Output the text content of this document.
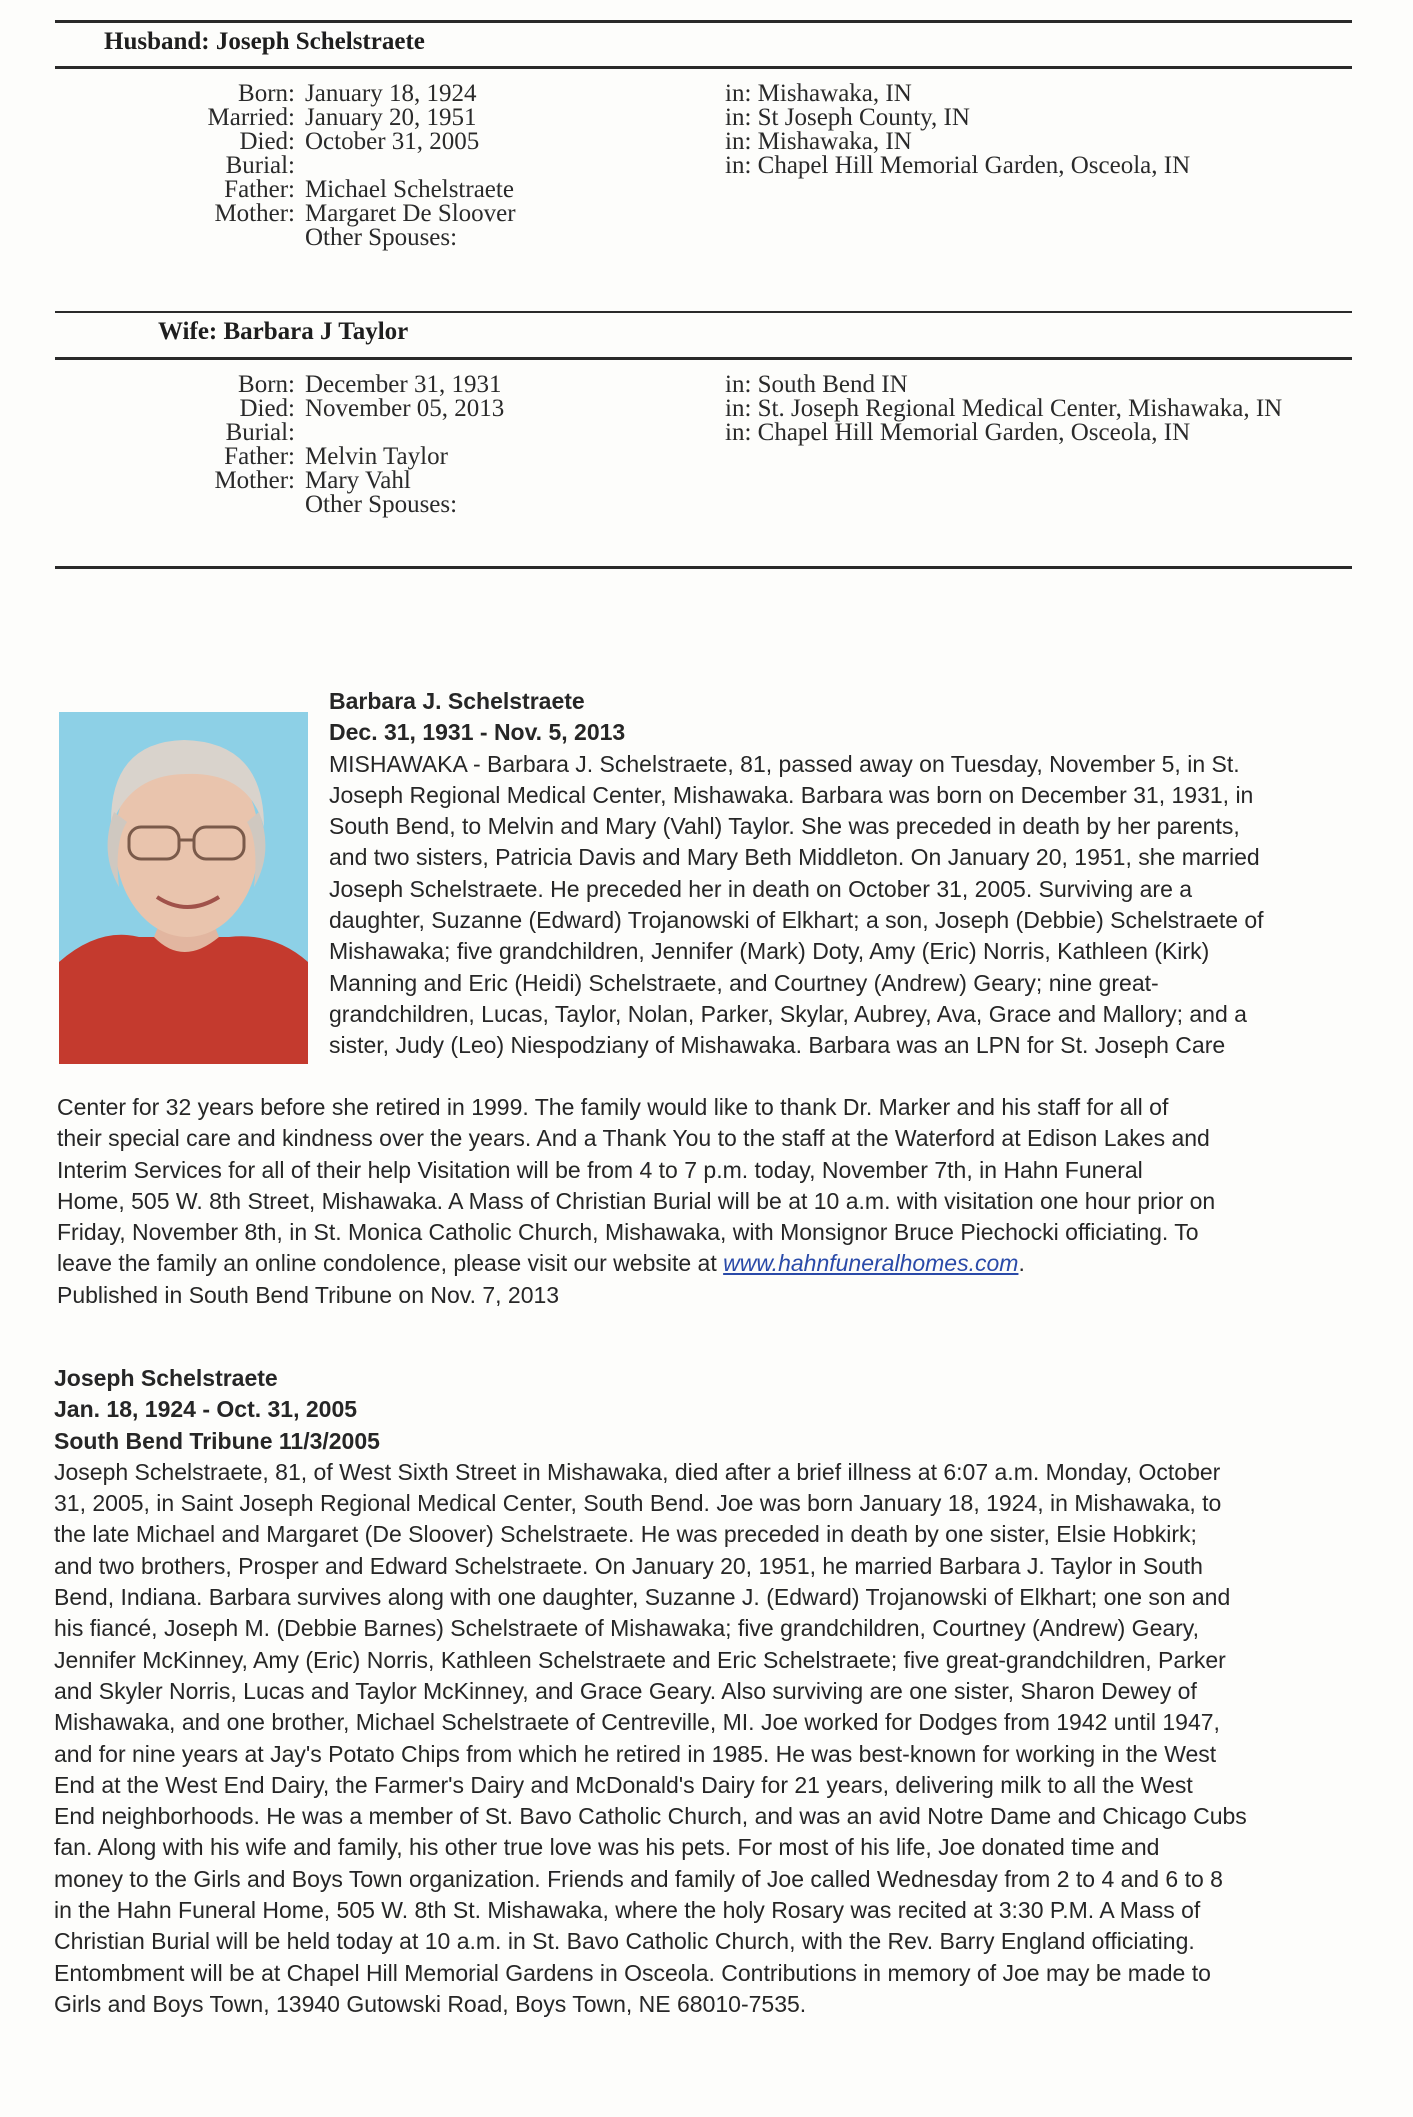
Husband: Joseph Schelstraete
Born: January 18, 1924	in: Mishawaka, IN
Married: January 20, 1951	in: St Joseph County, IN
Died: October 31, 2005	in: Mishawaka, IN
Burial:	in: Chapel Hill Memorial Garden, Osceola, IN
Father: Michael Schelstraete
Mother: Margaret De Sloover
Other Spouses:
Wife: Barbara J Taylor
Born: December 31, 1931	in: South Bend IN
Died: November 05, 2013	in: St. Joseph Regional Medical Center, Mishawaka, IN
Burial:	in: Chapel Hill Memorial Garden, Osceola, IN
Father: Melvin Taylor
Mother: Mary Vahl
Other Spouses:

Barbara J. Schelstraete

Dec. 31, 1931 - Nov. 5, 2013

MISHAWAKA - Barbara J. Schelstraete, 81, passed away on Tuesday, November 5, in St.

Joseph Regional Medical Center, Mishawaka. Barbara was born on December 31, 1931, in

South Bend, to Melvin and Mary (Vahl) Taylor. She was preceded in death by her parents,

and two sisters, Patricia Davis and Mary Beth Middleton. On January 20, 1951, she married

Joseph Schelstraete. He preceded her in death on October 31, 2005. Surviving are a

daughter, Suzanne (Edward) Trojanowski of Elkhart; a son, Joseph (Debbie) Schelstraete of

Mishawaka; five grandchildren, Jennifer (Mark) Doty, Amy (Eric) Norris, Kathleen (Kirk)

Manning and Eric (Heidi) Schelstraete, and Courtney (Andrew) Geary; nine great-

grandchildren, Lucas, Taylor, Nolan, Parker, Skylar, Aubrey, Ava, Grace and Mallory; and a

sister, Judy (Leo) Niespodziany of Mishawaka. Barbara was an LPN for St. Joseph Care

Center for 32 years before she retired in 1999. The family would like to thank Dr. Marker and his staff for all of

their special care and kindness over the years. And a Thank You to the staff at the Waterford at Edison Lakes and

Interim Services for all of their help Visitation will be from 4 to 7 p.m. today, November 7th, in Hahn Funeral

Home, 505 W. 8th Street, Mishawaka. A Mass of Christian Burial will be at 10 a.m. with visitation one hour prior on

Friday, November 8th, in St. Monica Catholic Church, Mishawaka, with Monsignor Bruce Piechocki officiating. To

leave the family an online condolence, please visit our website at www.hahnfuneralhomes.com.

Published in South Bend Tribune on Nov. 7, 2013

Joseph Schelstraete

Jan. 18, 1924 - Oct. 31, 2005

South Bend Tribune 11/3/2005

Joseph Schelstraete, 81, of West Sixth Street in Mishawaka, died after a brief illness at 6:07 a.m. Monday, October

31, 2005, in Saint Joseph Regional Medical Center, South Bend. Joe was born January 18, 1924, in Mishawaka, to

the late Michael and Margaret (De Sloover) Schelstraete. He was preceded in death by one sister, Elsie Hobkirk;

and two brothers, Prosper and Edward Schelstraete. On January 20, 1951, he married Barbara J. Taylor in South

Bend, Indiana. Barbara survives along with one daughter, Suzanne J. (Edward) Trojanowski of Elkhart; one son and

his fiancé, Joseph M. (Debbie Barnes) Schelstraete of Mishawaka; five grandchildren, Courtney (Andrew) Geary,

Jennifer McKinney, Amy (Eric) Norris, Kathleen Schelstraete and Eric Schelstraete; five great-grandchildren, Parker

and Skyler Norris, Lucas and Taylor McKinney, and Grace Geary. Also surviving are one sister, Sharon Dewey of

Mishawaka, and one brother, Michael Schelstraete of Centreville, MI. Joe worked for Dodges from 1942 until 1947,

and for nine years at Jay's Potato Chips from which he retired in 1985. He was best-known for working in the West

End at the West End Dairy, the Farmer's Dairy and McDonald's Dairy for 21 years, delivering milk to all the West

End neighborhoods. He was a member of St. Bavo Catholic Church, and was an avid Notre Dame and Chicago Cubs

fan. Along with his wife and family, his other true love was his pets. For most of his life, Joe donated time and

money to the Girls and Boys Town organization. Friends and family of Joe called Wednesday from 2 to 4 and 6 to 8

in the Hahn Funeral Home, 505 W. 8th St. Mishawaka, where the holy Rosary was recited at 3:30 P.M. A Mass of

Christian Burial will be held today at 10 a.m. in St. Bavo Catholic Church, with the Rev. Barry England officiating.

Entombment will be at Chapel Hill Memorial Gardens in Osceola. Contributions in memory of Joe may be made to

Girls and Boys Town, 13940 Gutowski Road, Boys Town, NE 68010-7535.
